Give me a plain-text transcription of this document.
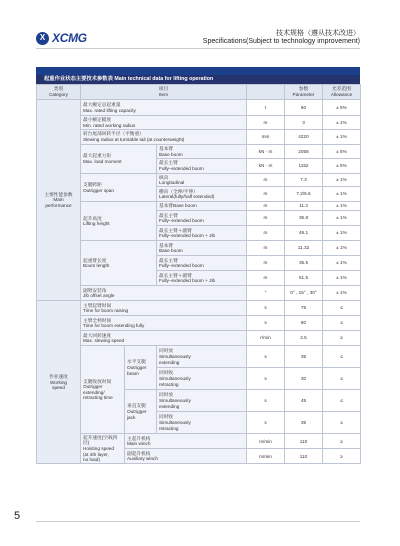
X XCMG	技术规格（遵从技术改进）
Specifications(Subject to technology improvement)
起重作业状态主要技术参数表 Main technical data for lifting operation
类别
Category	项目
Item				参数
Parameter	允差范围
Allowance

主要性能参数
Main
performance	最大额定总起重量
Max. rated lifting capacity			t	60	± 5%

	最小额定幅度
Min. rated working radius			m	3	± 1%

	转台尾部回转半径（平衡重）
Slewing radius at turntable tail (at counterweight)			mm	4220	± 1%

	最大起重力矩
Max. load moment		基本臂
Base boom	kN · m	2058	± 5%

			最长主臂
Fully–extended boom	kN · m	1152	± 5%

	支腿跨距
Outrigger span		纵向
Longitudinal	m	7.3	± 1%

			横向（全伸/半伸）
Lateral(fully/half extended)	m	7.2/5.6	± 1%

	起升高度
Lifting height		基本臂Base boom	m	11.3	± 1%

			最长主臂
Fully–extended boom	m	35.8	± 1%

			最长主臂＋副臂
Fully–extended boom + Jib	m	49.1	± 1%

	起重臂长度
Boom length		基本臂
Base boom	m	11.32	± 1%

			最长主臂
Fully–extended boom	m	35.5	± 1%

			最长主臂＋副臂
Fully–extended boom + Jib	m	51.5	± 1%

	副臂安装角
Jib offset angle			°	0° , 15° , 30°	± 1%

作业速度
Working
speed	主臂起臂时间
Time for boom raising			s	75	≤

	主臂全伸时间
Time for boom extending fully			s	80	≤

	最大回转速度
Max. slewing speed			r/min	2.5	≥

	支腿收放时间
Outrigger
extending/
retracting time	水平支腿
Outrigger
beam	同时放
Simultaneously
extending	s	35	≤

			同时收
Simultaneously
retracting	s	30	≤

		垂直支腿
Outrigger
jack	同时放
Simultaneously
extending	s	45	≤

			同时收
Simultaneously
retracting	s	35	≤

	起升速度(空载四层)
Hoisting speed
(at 4th layer,
no load)	主起升机构
Main winch		m/min	110	≥

		副起升机构
Auxiliary winch		m/min	110	≥
5
